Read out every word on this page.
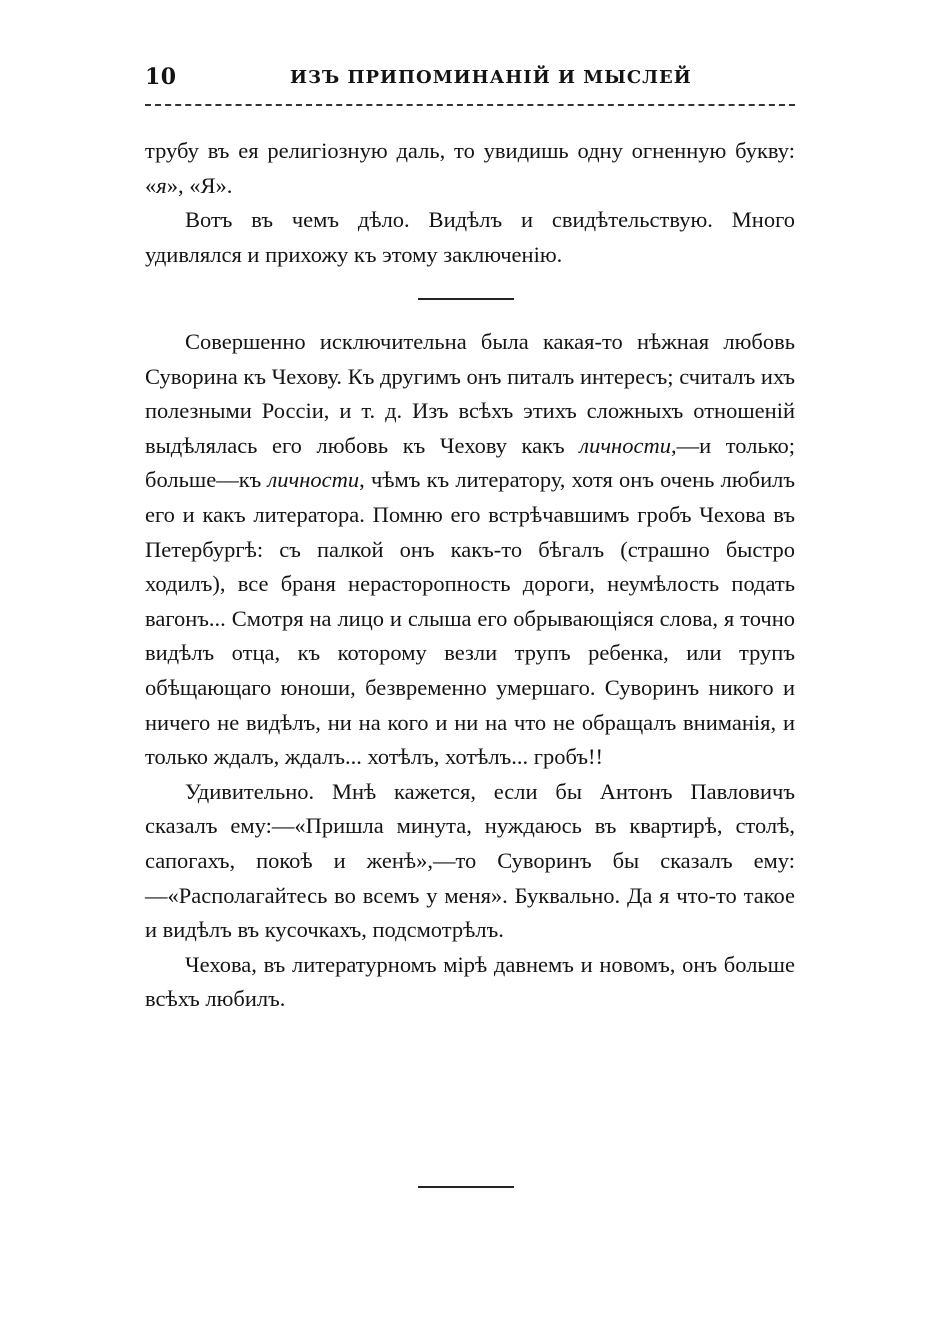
10	ИЗЪ ПРИПОМИНАНІЙ И МЫСЛЕЙ

трубу въ ея религіозную даль, то увидишь одну огненную букву: «я», «Я».

Вотъ въ чемъ дѣло. Видѣлъ и свидѣтельствую. Много удивлялся и прихожу къ этому заключенію.

Совершенно исключительна была какая-то нѣжная любовь Суворина къ Чехову. Къ другимъ онъ питалъ интересъ; считалъ ихъ полезными Россіи, и т. д. Изъ всѣхъ этихъ сложныхъ отношеній выдѣлялась его любовь къ Чехову какъ личности,—и только; больше—къ личности, чѣмъ къ литератору, хотя онъ очень любилъ его и какъ литератора. Помню его встрѣчавшимъ гробъ Чехова въ Петербургѣ: съ палкой онъ какъ-то бѣгалъ (страшно быстро ходилъ), все браня нерасторопность дороги, неумѣлость подать вагонъ... Смотря на лицо и слыша его обрывающіяся слова, я точно видѣлъ отца, къ которому везли трупъ ребенка, или трупъ обѣщающаго юноши, безвременно умершаго. Суворинъ никого и ничего не видѣлъ, ни на кого и ни на что не обращалъ вниманія, и только ждалъ, ждалъ... хотѣлъ, хотѣлъ... гробъ!!

Удивительно. Мнѣ кажется, если бы Антонъ Павловичъ сказалъ ему:—«Пришла минута, нуждаюсь въ квартирѣ, столѣ, сапогахъ, покоѣ и женѣ»,—то Суворинъ бы сказалъ ему:—«Располагайтесь во всемъ у меня». Буквально. Да я что-то такое и видѣлъ въ кусочкахъ, подсмотрѣлъ.

Чехова, въ литературномъ мірѣ давнемъ и новомъ, онъ больше всѣхъ любилъ.
